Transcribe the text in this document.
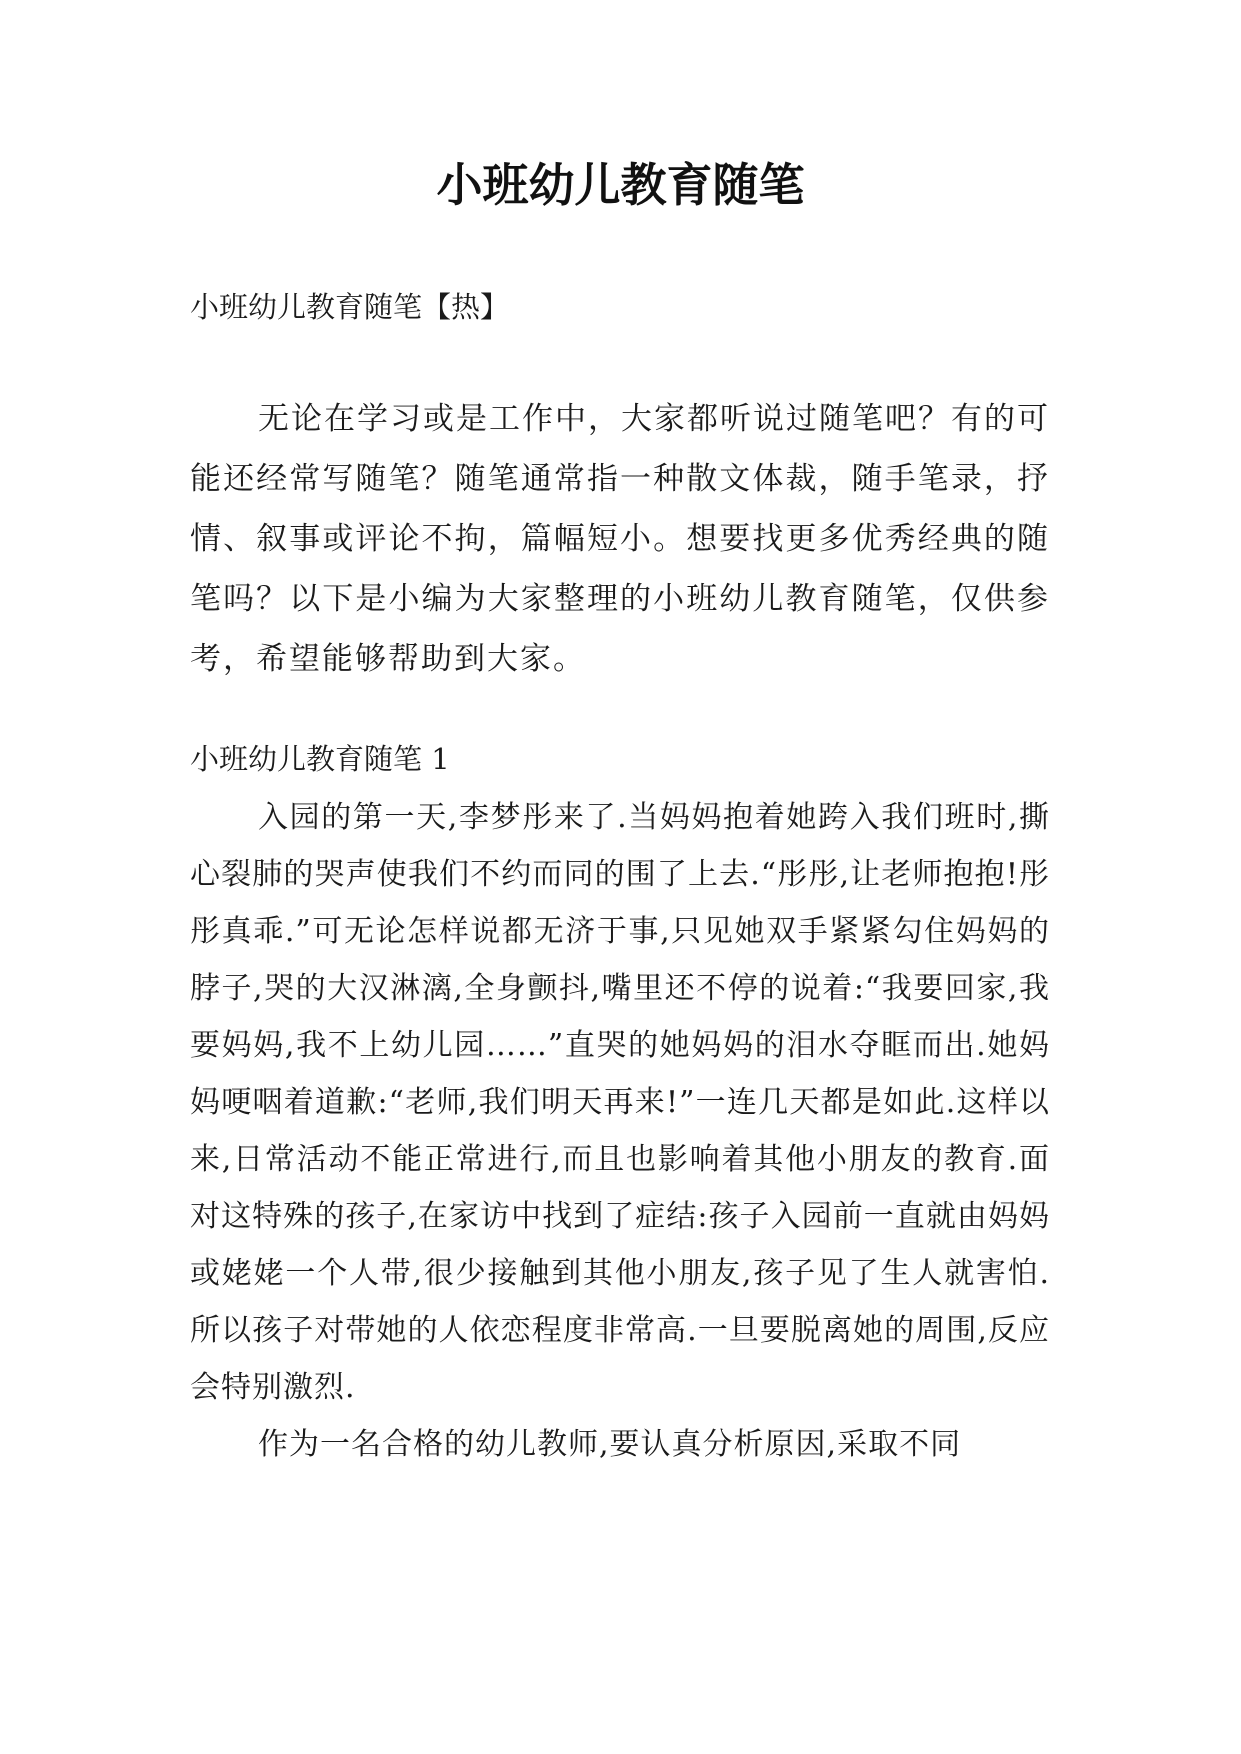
小班幼儿教育随笔

小班幼儿教育随笔【热】

无论在学习或是工作中，大家都听说过随笔吧？有的可能还经常写随笔？随笔通常指一种散文体裁，随手笔录，抒情、叙事或评论不拘，篇幅短小。想要找更多优秀经典的随笔吗？以下是小编为大家整理的小班幼儿教育随笔，仅供参考，希望能够帮助到大家。

小班幼儿教育随笔 1

入园的第一天,李梦彤来了.当妈妈抱着她跨入我们班时,撕心裂肺的哭声使我们不约而同的围了上去.“彤彤,让老师抱抱!彤彤真乖.”可无论怎样说都无济于事,只见她双手紧紧勾住妈妈的脖子,哭的大汉淋漓,全身颤抖,嘴里还不停的说着:“我要回家,我要妈妈,我不上幼儿园……”直哭的她妈妈的泪水夺眶而出.她妈妈哽咽着道歉:“老师,我们明天再来!”一连几天都是如此.这样以来,日常活动不能正常进行,而且也影响着其他小朋友的教育.面对这特殊的孩子,在家访中找到了症结:孩子入园前一直就由妈妈或姥姥一个人带,很少接触到其他小朋友,孩子见了生人就害怕.所以孩子对带她的人依恋程度非常高.一旦要脱离她的周围,反应会特别激烈.

作为一名合格的幼儿教师,要认真分析原因,采取不同
